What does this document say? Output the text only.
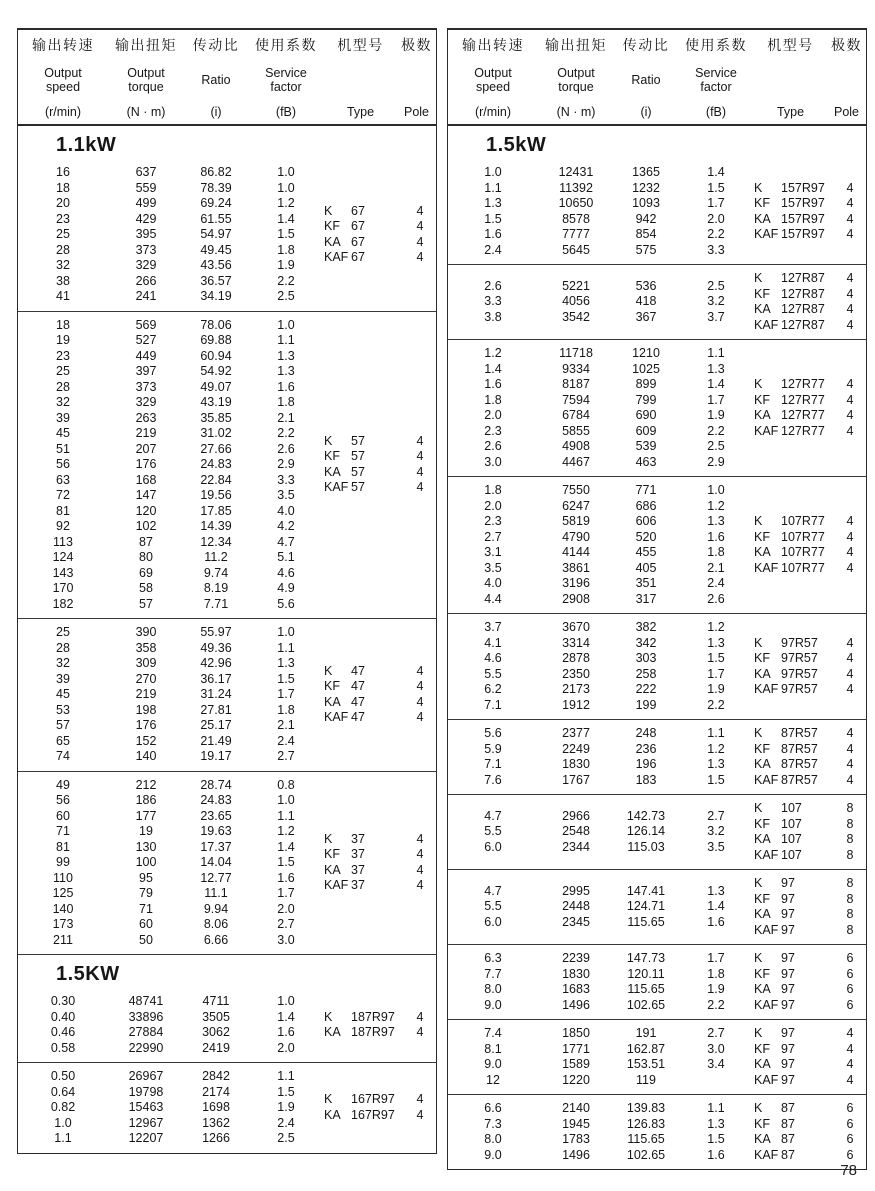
输出转速
Output
speed
(r/min)
输出扭矩
Output
torque
(N · m)
传动比
Ratio
(i)
使用系数
Service
factor
(fB)
机型号
Type
极数
Pole
1.1kW
16	637	86.82	1.0
18	559	78.39	1.0
20	499	69.24	1.2
23	429	61.55	1.4
25	395	54.97	1.5
28	373	49.45	1.8
32	329	43.56	1.9
38	266	36.57	2.2
41	241	34.19	2.5
K 67	4
KF 67	4
KA 67	4
KAF 67	4
18	569	78.06	1.0
19	527	69.88	1.1
23	449	60.94	1.3
25	397	54.92	1.3
28	373	49.07	1.6
32	329	43.19	1.8
39	263	35.85	2.1
45	219	31.02	2.2
51	207	27.66	2.6
56	176	24.83	2.9
63	168	22.84	3.3
72	147	19.56	3.5
81	120	17.85	4.0
92	102	14.39	4.2
113	87	12.34	4.7
124	80	11.2	5.1
143	69	9.74	4.6
170	58	8.19	4.9
182	57	7.71	5.6
K 57	4
KF 57	4
KA 57	4
KAF 57	4
25	390	55.97	1.0
28	358	49.36	1.1
32	309	42.96	1.3
39	270	36.17	1.5
45	219	31.24	1.7
53	198	27.81	1.8
57	176	25.17	2.1
65	152	21.49	2.4
74	140	19.17	2.7
K 47	4
KF 47	4
KA 47	4
KAF 47	4
49	212	28.74	0.8
56	186	24.83	1.0
60	177	23.65	1.1
71	19	19.63	1.2
81	130	17.37	1.4
99	100	14.04	1.5
110	95	12.77	1.6
125	79	11.1	1.7
140	71	9.94	2.0
173	60	8.06	2.7
211	50	6.66	3.0
K 37	4
KF 37	4
KA 37	4
KAF 37	4
1.5KW
0.30	48741	4711	1.0
0.40	33896	3505	1.4
0.46	27884	3062	1.6
0.58	22990	2419	2.0
K 187R97	4
KA 187R97	4
0.50	26967	2842	1.1
0.64	19798	2174	1.5
0.82	15463	1698	1.9
1.0	12967	1362	2.4
1.1	12207	1266	2.5
K 167R97	4
KA 167R97	4
输出转速
Output
speed
(r/min)
输出扭矩
Output
torque
(N · m)
传动比
Ratio
(i)
使用系数
Service
factor
(fB)
机型号
Type
极数
Pole
1.5kW
1.0	12431	1365	1.4
1.1	11392	1232	1.5
1.3	10650	1093	1.7
1.5	8578	942	2.0
1.6	7777	854	2.2
2.4	5645	575	3.3
K 157R97	4
KF 157R97	4
KA 157R97	4
KAF 157R97	4
2.6	5221	536	2.5
3.3	4056	418	3.2
3.8	3542	367	3.7
K 127R87	4
KF 127R87	4
KA 127R87	4
KAF 127R87	4
1.2	11718	1210	1.1
1.4	9334	1025	1.3
1.6	8187	899	1.4
1.8	7594	799	1.7
2.0	6784	690	1.9
2.3	5855	609	2.2
2.6	4908	539	2.5
3.0	4467	463	2.9
K 127R77	4
KF 127R77	4
KA 127R77	4
KAF 127R77	4
1.8	7550	771	1.0
2.0	6247	686	1.2
2.3	5819	606	1.3
2.7	4790	520	1.6
3.1	4144	455	1.8
3.5	3861	405	2.1
4.0	3196	351	2.4
4.4	2908	317	2.6
K 107R77	4
KF 107R77	4
KA 107R77	4
KAF 107R77	4
3.7	3670	382	1.2
4.1	3314	342	1.3
4.6	2878	303	1.5
5.5	2350	258	1.7
6.2	2173	222	1.9
7.1	1912	199	2.2
K 97R57	4
KF 97R57	4
KA 97R57	4
KAF 97R57	4
5.6	2377	248	1.1
5.9	2249	236	1.2
7.1	1830	196	1.3
7.6	1767	183	1.5
K 87R57	4
KF 87R57	4
KA 87R57	4
KAF 87R57	4
4.7	2966	142.73	2.7
5.5	2548	126.14	3.2
6.0	2344	115.03	3.5
K 107	8
KF 107	8
KA 107	8
KAF 107	8
4.7	2995	147.41	1.3
5.5	2448	124.71	1.4
6.0	2345	115.65	1.6
K 97	8
KF 97	8
KA 97	8
KAF 97	8
6.3	2239	147.73	1.7
7.7	1830	120.11	1.8
8.0	1683	115.65	1.9
9.0	1496	102.65	2.2
K 97	6
KF 97	6
KA 97	6
KAF 97	6
7.4	1850	191	2.7
8.1	1771	162.87	3.0
9.0	1589	153.51	3.4
12	1220	119
K 97	4
KF 97	4
KA 97	4
KAF 97	4
6.6	2140	139.83	1.1
7.3	1945	126.83	1.3
8.0	1783	115.65	1.5
9.0	1496	102.65	1.6
K 87	6
KF 87	6
KA 87	6
KAF 87	6
78
